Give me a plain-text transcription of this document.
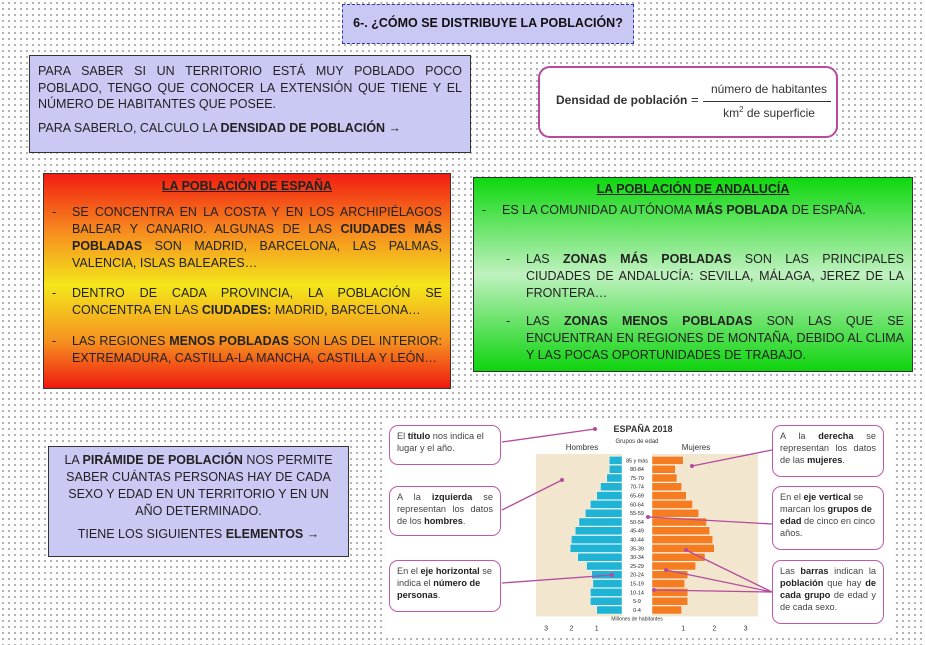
6-. ¿CÓMO SE DISTRIBUYE LA POBLACIÓN?

PARA SABER SI UN TERRITORIO ESTÁ MUY POBLADO POCO POBLADO, TENGO QUE CONOCER LA EXTENSIÓN QUE TIENE Y EL NÚMERO DE HABITANTES QUE POSEE.

PARA SABERLO, CALCULO LA DENSIDAD DE POBLACIÓN →

Densidad de población =
número de habitantes
$km^2$ de superficie
LA POBLACIÓN DE ESPAÑA
- SE CONCENTRA EN LA COSTA Y EN LOS ARCHIPIÉLAGOS BALEAR Y CANARIO. ALGUNAS DE LAS CIUDADES MÁS POBLADAS SON MADRID, BARCELONA, LAS PALMAS, VALENCIA, ISLAS BALEARES…
- DENTRO DE CADA PROVINCIA, LA POBLACIÓN SE CONCENTRA EN LAS CIUDADES: MADRID, BARCELONA…
- LAS REGIONES MENOS POBLADAS SON LAS DEL INTERIOR: EXTREMADURA, CASTILLA-LA MANCHA, CASTILLA Y LEÓN…
LA POBLACIÓN DE ANDALUCÍA
- ES LA COMUNIDAD AUTÓNOMA MÁS POBLADA DE ESPAÑA.
- LAS ZONAS MÁS POBLADAS SON LAS PRINCIPALES CIUDADES DE ANDALUCÍA: SEVILLA, MÁLAGA, JEREZ DE LA FRONTERA…
- LAS ZONAS MENOS POBLADAS SON LAS QUE SE ENCUENTRAN EN REGIONES DE MONTAÑA, DEBIDO AL CLIMA Y LAS POCAS OPORTUNIDADES DE TRABAJO.

LA PIRÁMIDE DE POBLACIÓN NOS PERMITE SABER CUÁNTAS PERSONAS HAY DE CADA SEXO Y EDAD EN UN TERRITORIO Y EN UN AÑO DETERMINADO.

TIENE LOS SIGUIENTES ELEMENTOS →

ESPAÑA 2018
Hombres	Mujeres
Grupos de edad
85 y más
80-84
75-79
70-74
65-69
60-64
55-59
50-54
45-49
40-44
35-39
30-34
25-29
20-24
15-19
10-14
5-9
0-4
3	2	1	1	2	3
Millones de habitantes
El título nos indica el lugar y el año.
A la izquierda se representan los datos de los hombres.
En el eje horizontal se indica el número de personas.
A la derecha se representan los datos de las mujeres.
En el eje vertical se marcan los grupos de edad de cinco en cinco años.
Las barras indican la población que hay de cada grupo de edad y de cada sexo.
